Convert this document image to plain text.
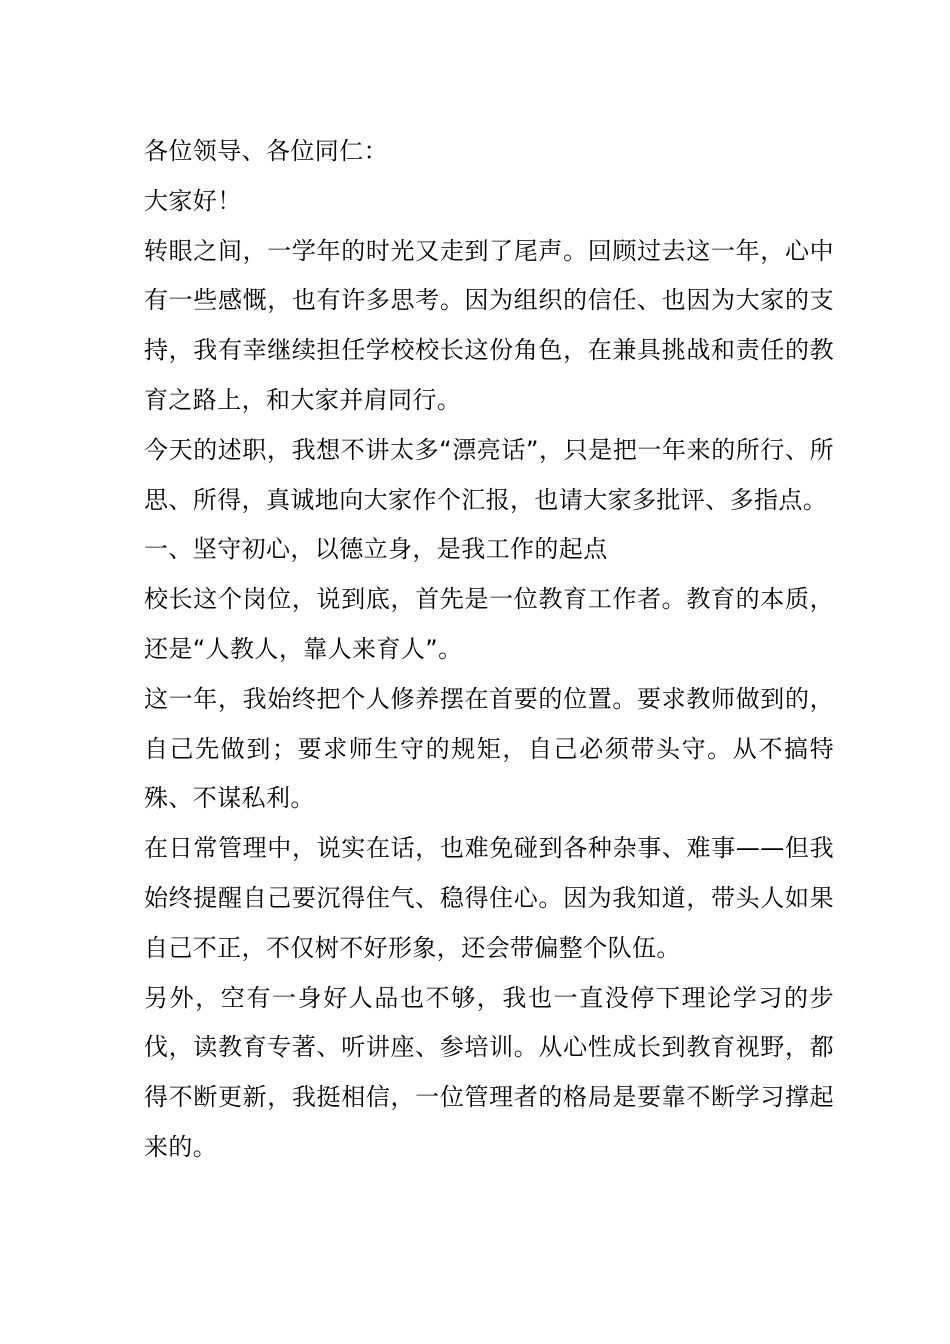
各位领导、各位同仁：

大家好！

转眼之间，一学年的时光又走到了尾声。回顾过去这一年，心中有一些感慨，也有许多思考。因为组织的信任、也因为大家的支持，我有幸继续担任学校校长这份角色，在兼具挑战和责任的教育之路上，和大家并肩同行。

今天的述职，我想不讲太多“漂亮话”，只是把一年来的所行、所思、所得，真诚地向大家作个汇报，也请大家多批评、多指点。

一、坚守初心，以德立身，是我工作的起点

校长这个岗位，说到底，首先是一位教育工作者。教育的本质，还是“人教人，靠人来育人”。

这一年，我始终把个人修养摆在首要的位置。要求教师做到的，自己先做到；要求师生守的规矩，自己必须带头守。从不搞特殊、不谋私利。

在日常管理中，说实在话，也难免碰到各种杂事、难事——但我始终提醒自己要沉得住气、稳得住心。因为我知道，带头人如果自己不正，不仅树不好形象，还会带偏整个队伍。

另外，空有一身好人品也不够，我也一直没停下理论学习的步伐，读教育专著、听讲座、参培训。从心性成长到教育视野，都得不断更新，我挺相信，一位管理者的格局是要靠不断学习撑起来的。
